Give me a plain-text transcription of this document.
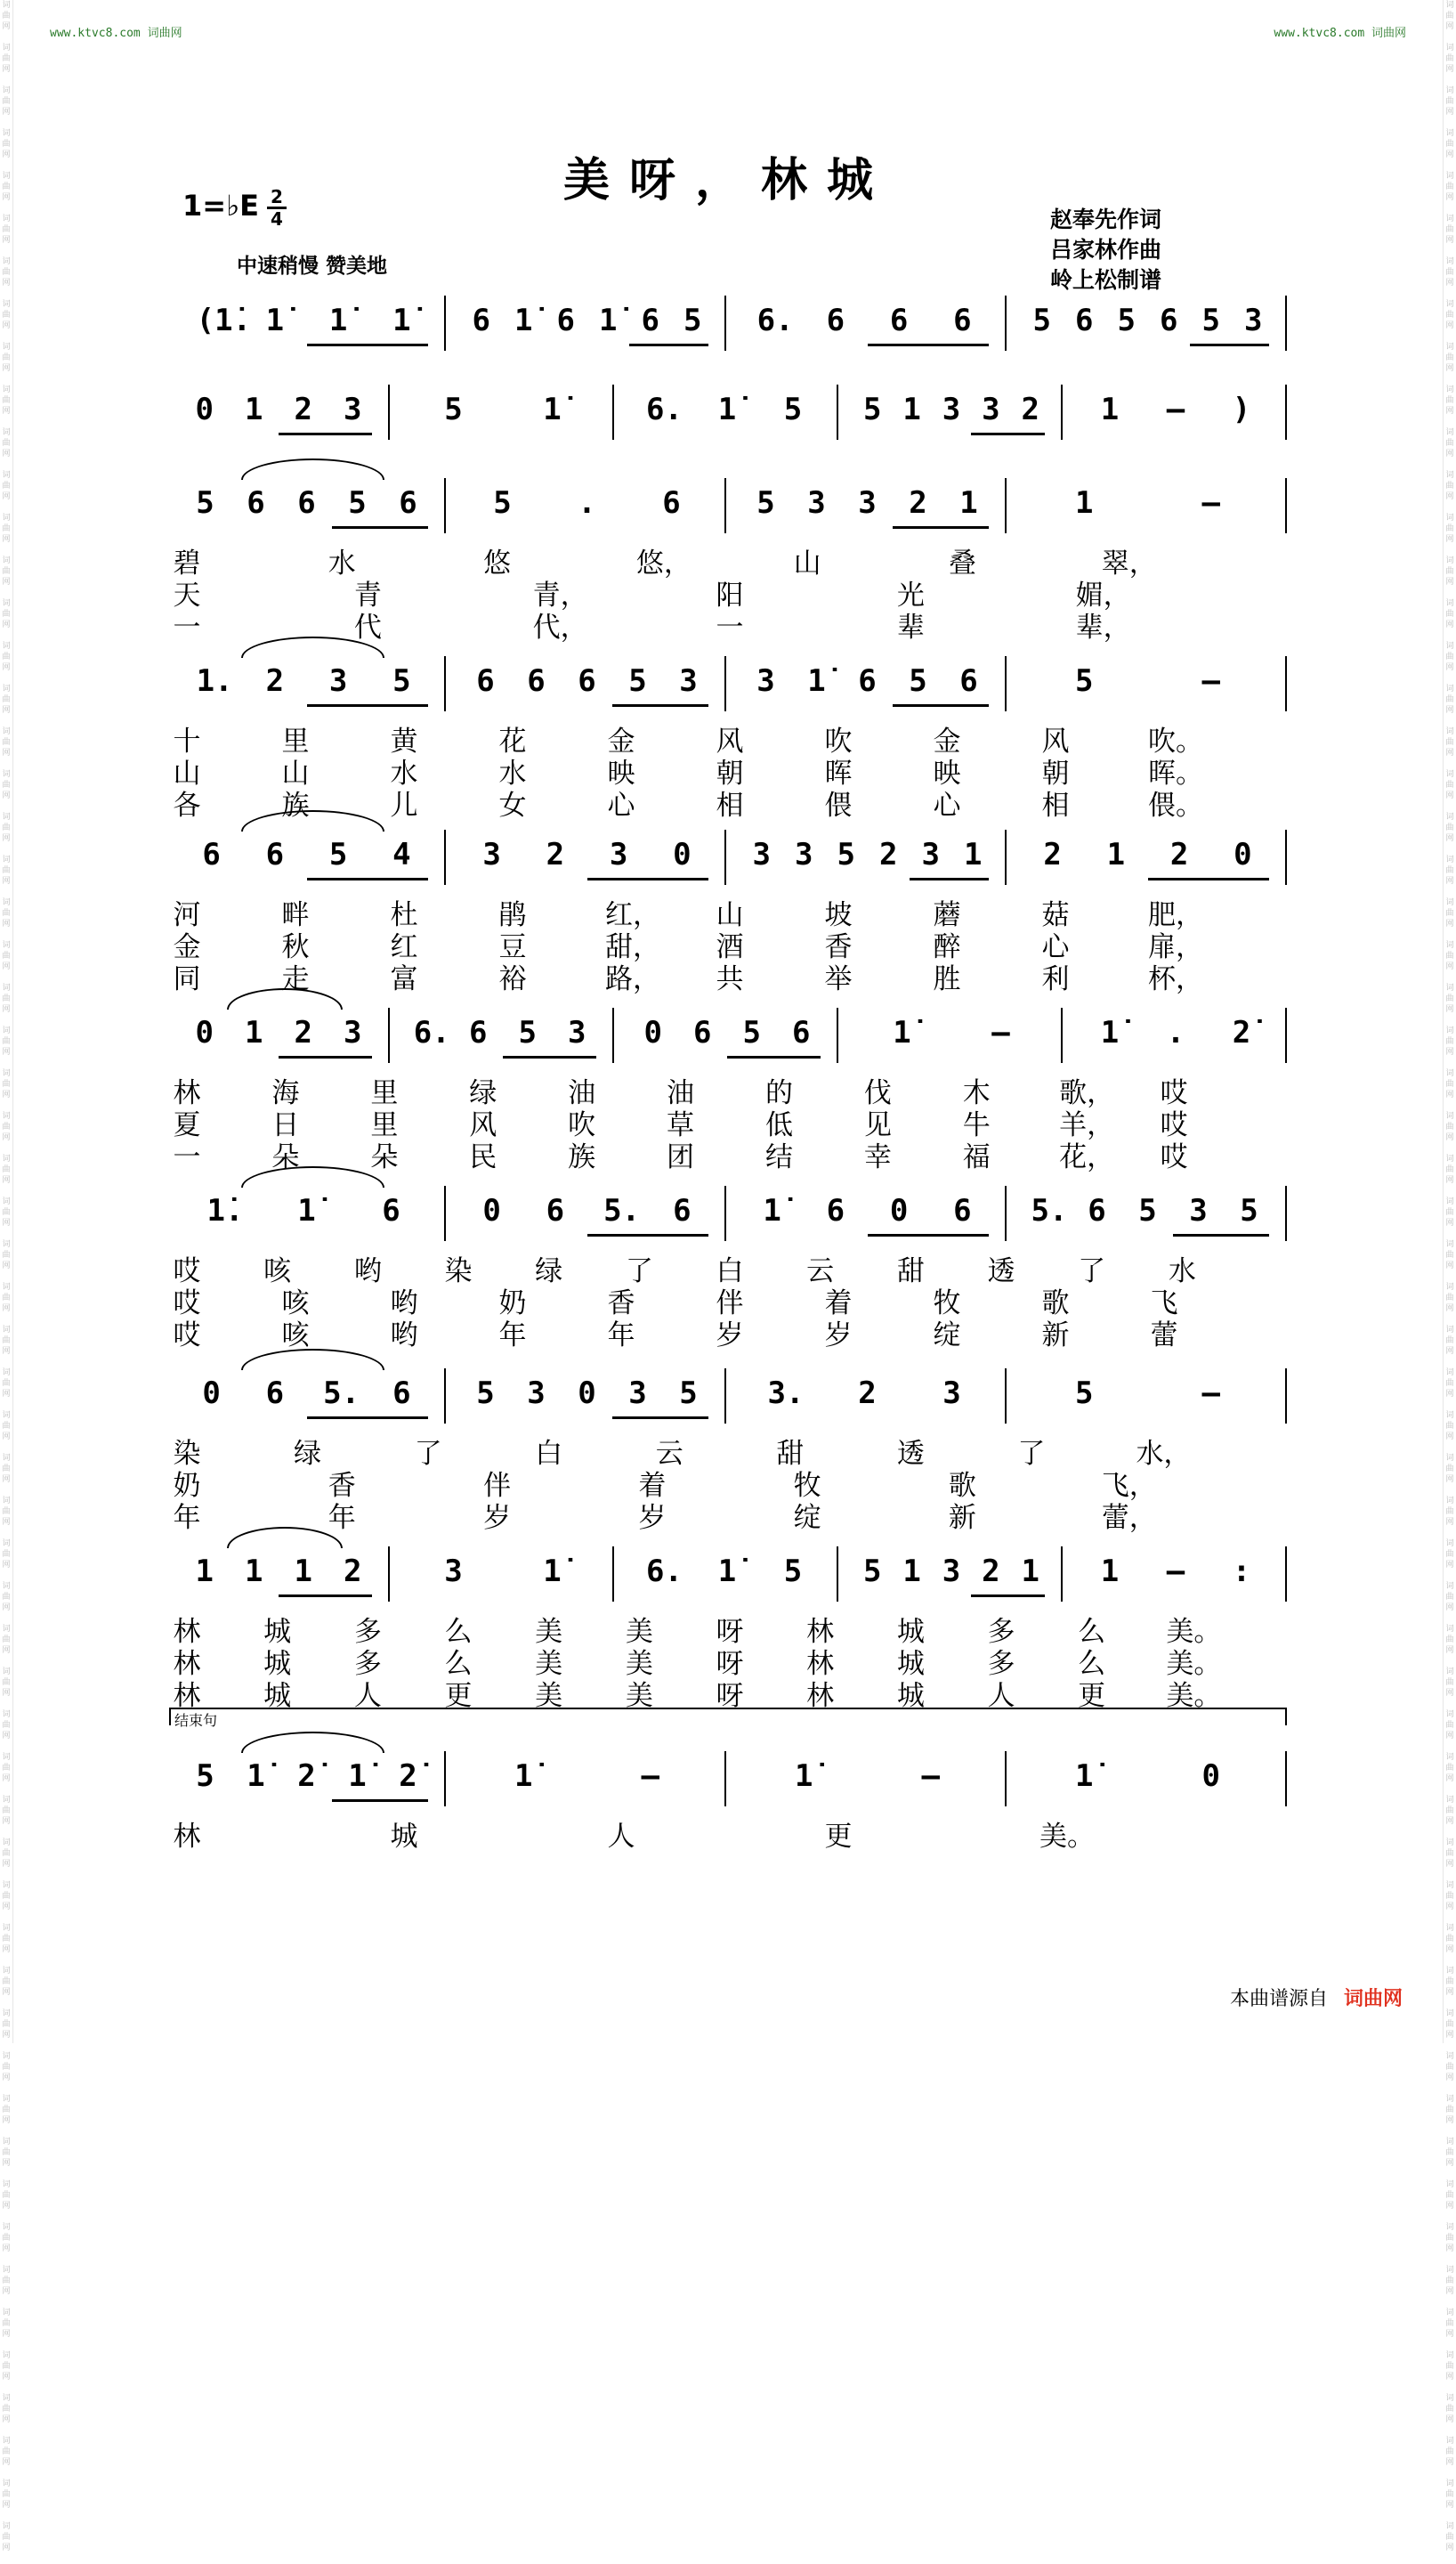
词
曲
网

词
曲
网

词
曲
网

词
曲
网

词
曲
网

词
曲
网

词
曲
网

词
曲
网

词
曲
网

词
曲
网

词
曲
网

词
曲
网

词
曲
网

词
曲
网

词
曲
网

词
曲
网

词
曲
网

词
曲
网

词
曲
网

词
曲
网

词
曲
网

词
曲
网

词
曲
网

词
曲
网

词
曲
网

词
曲
网

词
曲
网

词
曲
网

词
曲
网

词
曲
网

词
曲
网

词
曲
网

词
曲
网

词
曲
网

词
曲
网

词
曲
网

词
曲
网

词
曲
网

词
曲
网

词
曲
网

词
曲
网

词
曲
网

词
曲
网

词
曲
网

词
曲
网

词
曲
网

词
曲
网

词
曲
网

词
曲
网

词
曲
网

词
曲
网

词
曲
网

词
曲
网

词
曲
网

词
曲
网

词
曲
网

词
曲
网

词
曲
网

词
曲
网

词
曲
网

词
曲
网

词
曲
网

词
曲
网

词
曲
网

词
曲
网

词
曲
网

词
曲
网

词
曲
网

词
曲
网

词
曲
网

词
曲
网

词
曲
网

词
曲
网

词
曲
网

词
曲
网

词
曲
网

词
曲
网

词
曲
网

词
曲
网

词
曲
网

词
曲
网

词
曲
网

词
曲
网

词
曲
网

词
曲
网

词
曲
网

词
曲
网

词
曲
网

词
曲
网

词
曲
网

词
曲
网

词
曲
网

词
曲
网

词
曲
网

词
曲
网

词
曲
网

词
曲
网

词
曲
网

词
曲
网

词
曲
网

词
曲
网

词
曲
网

词
曲
网

词
曲
网

词
曲
网

词
曲
网

词
曲
网

词
曲
网

词
曲
网

词
曲
网

词
曲
网

词
曲
网

词
曲
网

词
曲
网

词
曲
网

词
曲
网

词
曲
网

词
曲
网

词
曲
网

词
曲
网

www.ktvc8.com 词曲网	www.ktvc8.com 词曲网
美呀，林城
1=♭E 2
4
中速稍慢 赞美地
赵奉先作词
吕家林作曲
岭上松制谱
(1̇. 1̇ 1̇ 1̇ 6 1̇ 6 1̇ 6 5 6. 6 6 6 5 6 5 6 5 3
0 1 2 3	5	1̇	6. 1̇ 5 5 1 3 3 2 1 – )
5 6 6 5 6	5 . 6	5 3 3 2 1	1	–
碧	水	悠	悠，	山	叠	翠，
天	青	青，	阳	光	媚，
一	代	代，	一	辈	辈，
1. 2 3 5 6 6 6 5 3 3 1̇ 6 5 6	5	–
十	里	黄	花	金	风	吹	金	风	吹。
山	山	水	水	映	朝	晖	映	朝	晖。
各	族	儿	女	心	相	偎	心	相	偎。
6 6 5 4 3 2 3 0 3 3 5 2 3 1 2 1 2 0
河	畔	杜	鹃	红， 山	坡	蘑	菇	肥，
金	秋	红	豆	甜， 酒	香	醉	心	扉，
同	走	富	裕	路， 共	举	胜	利	杯，
0 1 2 3 6. 6 5 3 0 6 5 6	1̇	–	1̇ . 2̇
林	海	里	绿	油	油	的	伐	木 歌， 哎
夏	日	里	风	吹	草	低	见	牛 羊， 哎
一	朵	朵	民	族	团	结	幸	福 花， 哎
1̇. 1̇ 6	0 6 5. 6 1̇ 6 0 6 5. 6 5 3 5
哎 咳 哟 染 绿 了 白 云 甜 透 了 水
哎	咳	哟	奶	香	伴	着	牧	歌	飞
哎	咳	哟	年	年	岁	岁	绽	新	蕾
0 6 5. 6 5 3 0 3 5 3. 2 3	5	–
染	绿	了	白	云	甜	透	了	水，
奶	香	伴	着	牧	歌	飞，
年	年	岁	岁	绽	新	蕾，
1 1 1 2	3	1̇	6. 1̇ 5 5 1 3 2 1 1 – :
林 城 多 么 美 美 呀 林 城 多 么 美。
林 城 多 么 美 美 呀 林 城 多 么 美。
林 城 人 更 美 美 呀 林 城 人 更 美。
5 1̇ 2̇ 1̇ 2̇	1̇	–	1̇	–	1̇	0
林	城	人	更	美。
结束句
本曲谱源自 词曲网
